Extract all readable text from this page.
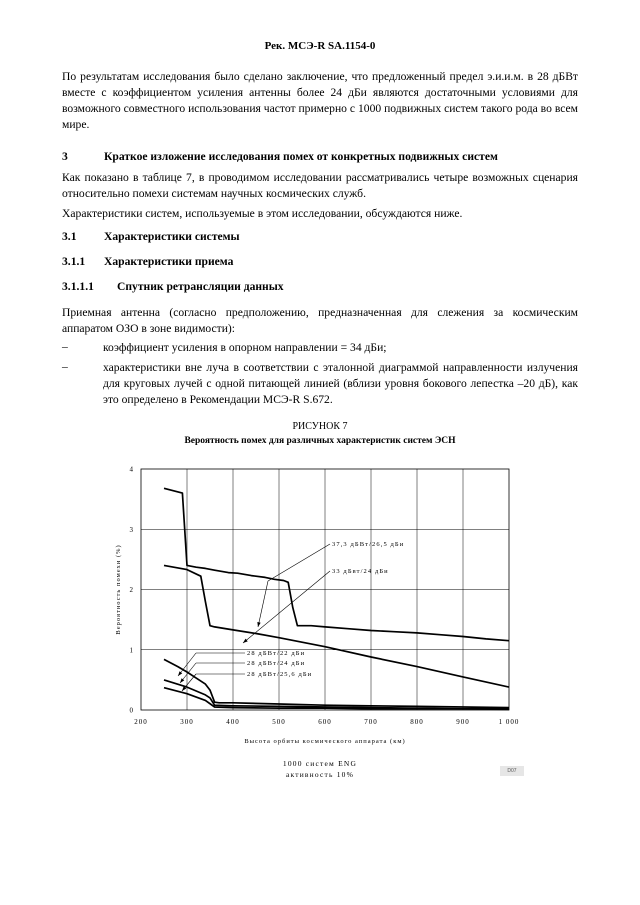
Рек. МСЭ-R SA.1154-0

По результатам исследования было сделано заключение, что предложенный предел э.и.и.м. в 28 дБВт вместе с коэффициентом усиления антенны более 24 дБи являются достаточными условиями для возможного совместного использования частот примерно с 1000 подвижных систем такого рода во всем мире.

3	Краткое изложение исследования помех от конкретных подвижных систем

Как показано в таблице 7, в проводимом исследовании рассматривались четыре возможных сценария относительно помехи системам научных космических служб.

Характеристики систем, используемые в этом исследовании, обсуждаются ниже.

3.1 Характеристики системы
3.1.1 Характеристики приема
3.1.1.1 Спутник ретрансляции данных

Приемная антенна (согласно предположению, предназначенная для слежения за космическим аппаратом ОЗО в зоне видимости):

–	коэффициент усиления в опорном направлении = 34 дБи;

–	характеристики вне луча в соответствии с эталонной диаграммой направленности излучения для круговых лучей с одной питающей линией (вблизи уровня бокового лепестка –20 дБ), как это определено в Рекомендации МСЭ-R S.672.

РИСУНОК 7
Вероятность помех для различных характеристик систем ЭСН
200	300	400	500	600	700	800	900	1 000
0
1
2
3
4
Высота орбиты космического аппарата (км)
Вероятность помехи (%)	37,3 дБВт/26,5 дБи
33 дБвт/24 дБи
28 дБВт/22 дБи
28 дБВт/24 дБи
28 дБВт/25,6 дБи
1000 систем ENG
активность 10%	D07
